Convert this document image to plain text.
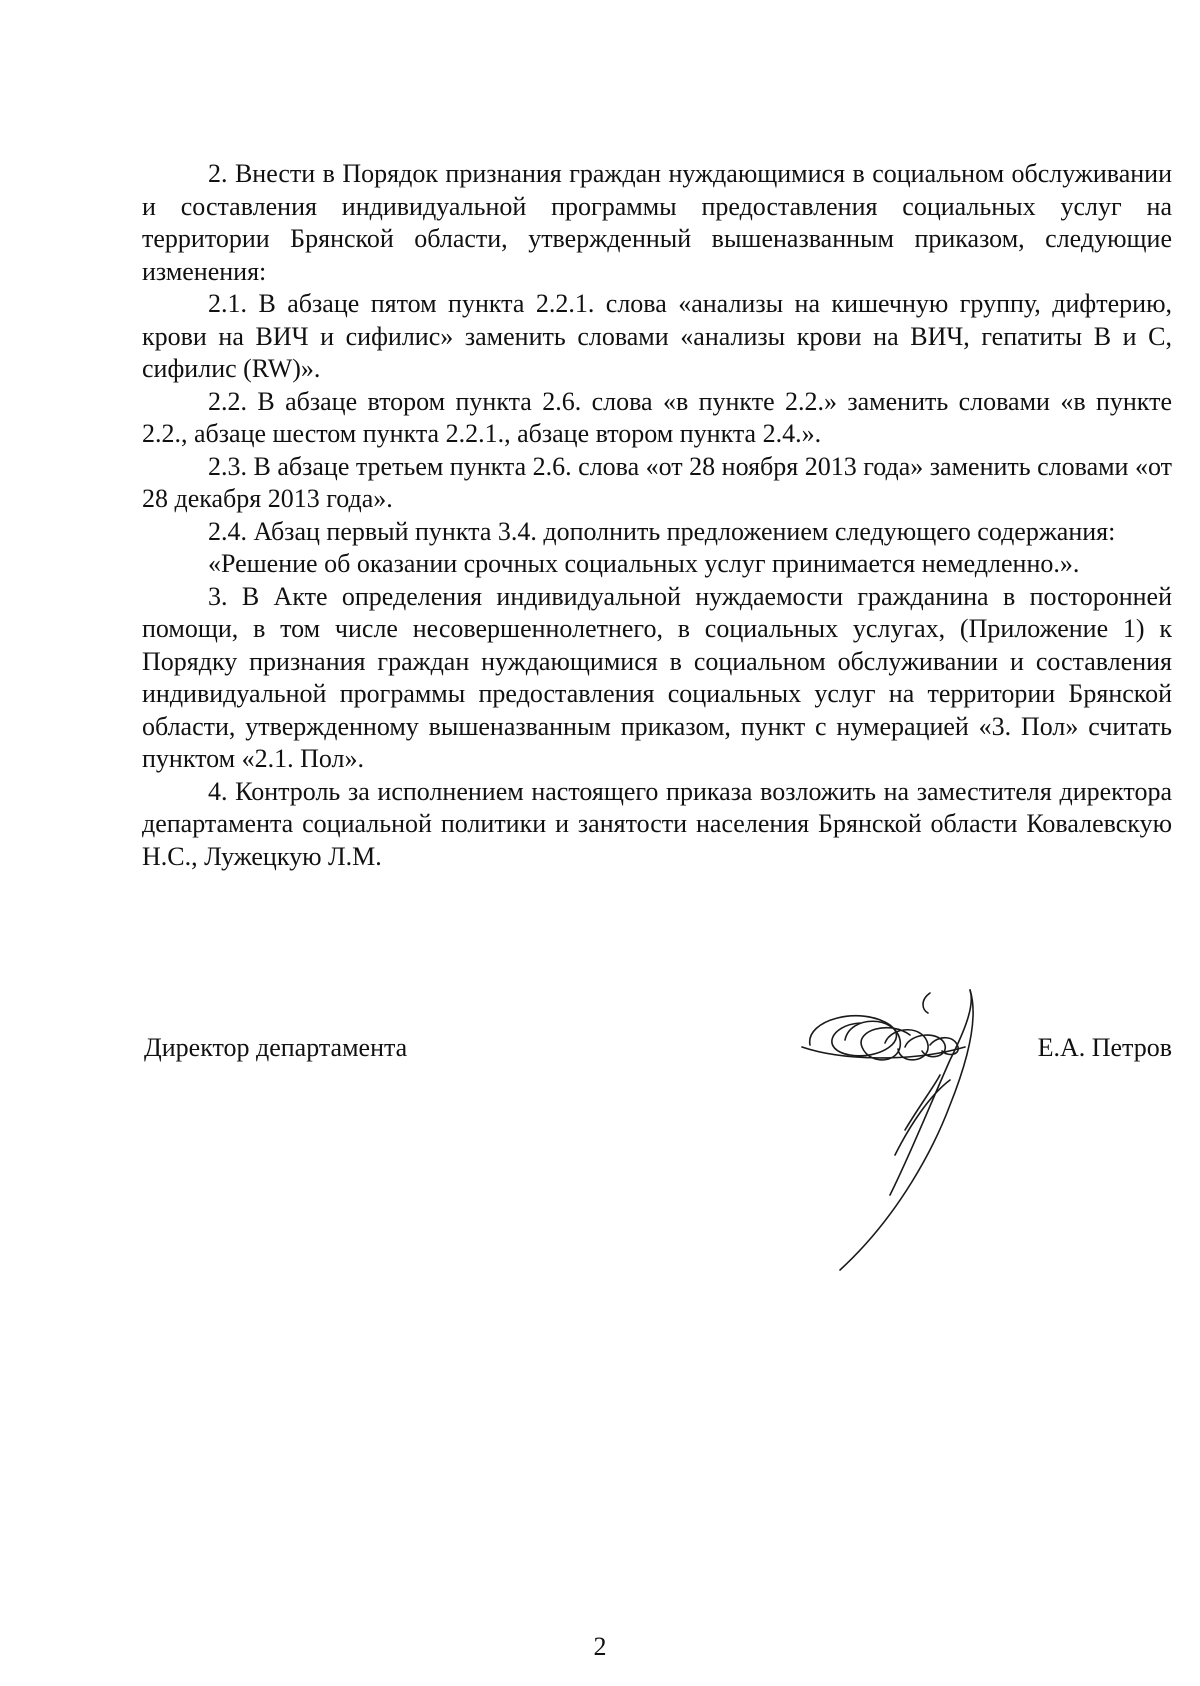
2. Внести в Порядок признания граждан нуждающимися в социальном обслуживании и составления индивидуальной программы предоставления социальных услуг на территории Брянской области, утвержденный вышеназванным приказом, следующие изменения:

2.1. В абзаце пятом пункта 2.2.1. слова «анализы на кишечную группу, дифтерию, крови на ВИЧ и сифилис» заменить словами «анализы крови на ВИЧ, гепатиты В и С, сифилис (RW)».

2.2. В абзаце втором пункта 2.6. слова «в пункте 2.2.» заменить словами «в пункте 2.2., абзаце шестом пункта 2.2.1., абзаце втором пункта 2.4.».

2.3. В абзаце третьем пункта 2.6. слова «от 28 ноября 2013 года» заменить словами «от 28 декабря 2013 года».

2.4. Абзац первый пункта 3.4. дополнить предложением следующего содержания:

«Решение об оказании срочных социальных услуг принимается немедленно.».

3. В Акте определения индивидуальной нуждаемости гражданина в посторонней помощи, в том числе несовершеннолетнего, в социальных услугах, (Приложение 1) к Порядку признания граждан нуждающимися в социальном обслуживании и составления индивидуальной программы предоставления социальных услуг на территории Брянской области, утвержденному вышеназванным приказом, пункт с нумерацией «3. Пол» считать пунктом «2.1. Пол».

4. Контроль за исполнением настоящего приказа возложить на заместителя директора департамента социальной политики и занятости населения Брянской области Ковалевскую Н.С., Лужецкую Л.М.

Директор департамента	Е.А. Петров
2
